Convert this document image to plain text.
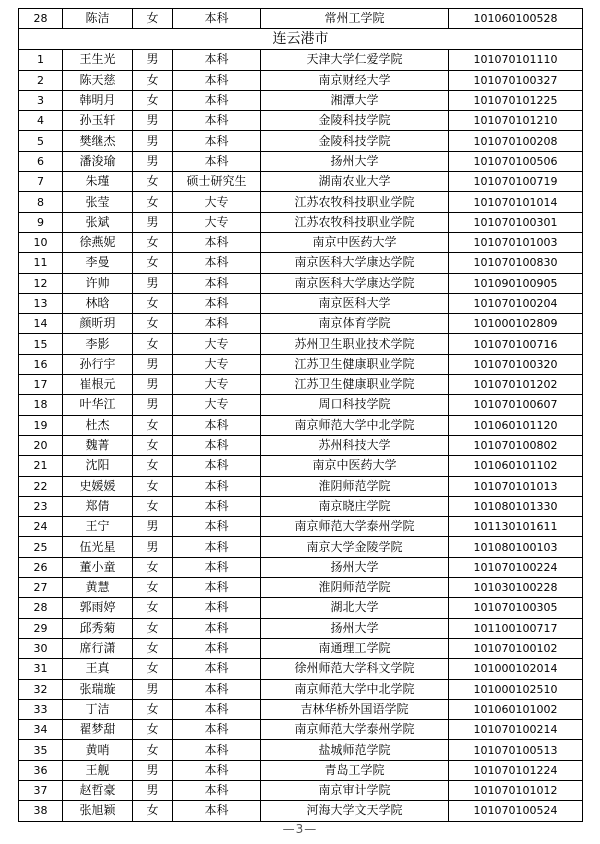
28	陈洁	女	本科	常州工学院	101060100528
连云港市					
1	王生光	男	本科	天津大学仁爱学院	101070101110
2	陈天慈	女	本科	南京财经大学	101070100327
3	韩明月	女	本科	湘潭大学	101070101225
4	孙玉轩	男	本科	金陵科技学院	101070101210
5	樊继杰	男	本科	金陵科技学院	101070100208
6	潘浚瑜	男	本科	扬州大学	101070100506
7	朱瑾	女	硕士研究生	湖南农业大学	101070100719
8	张莹	女	大专	江苏农牧科技职业学院	101070101014
9	张斌	男	大专	江苏农牧科技职业学院	101070100301
10	徐燕妮	女	本科	南京中医药大学	101070101003
11	李曼	女	本科	南京医科大学康达学院	101070100830
12	许帅	男	本科	南京医科大学康达学院	101090100905
13	林晗	女	本科	南京医科大学	101070100204
14	颜昕玥	女	本科	南京体育学院	101000102809
15	李影	女	大专	苏州卫生职业技术学院	101070100716
16	孙行宇	男	大专	江苏卫生健康职业学院	101070100320
17	崔根元	男	大专	江苏卫生健康职业学院	101070101202
18	叶华江	男	大专	周口科技学院	101070100607
19	杜杰	女	本科	南京师范大学中北学院	101060101120
20	魏菁	女	本科	苏州科技大学	101070100802
21	沈阳	女	本科	南京中医药大学	101060101102
22	史媛媛	女	本科	淮阴师范学院	101070101013
23	郑倩	女	本科	南京晓庄学院	101080101330
24	王宁	男	本科	南京师范大学泰州学院	101130101611
25	伍光星	男	本科	南京大学金陵学院	101080100103
26	董小童	女	本科	扬州大学	101070100224
27	黄慧	女	本科	淮阴师范学院	101030100228
28	郭雨婷	女	本科	湖北大学	101070100305
29	邱秀菊	女	本科	扬州大学	101100100717
30	席行潇	女	本科	南通理工学院	101070100102
31	王真	女	本科	徐州师范大学科文学院	101000102014
32	张瑞璇	男	本科	南京师范大学中北学院	101000102510
33	丁洁	女	本科	吉林华桥外国语学院	101060101002
34	翟梦甜	女	本科	南京师范大学泰州学院	101070100214
35	黄哨	女	本科	盐城师范学院	101070100513
36	王舰	男	本科	青岛工学院	101070101224
37	赵哲豪	男	本科	南京审计学院	101070101012
38	张旭颖	女	本科	河海大学文天学院	101070100524
—3—
